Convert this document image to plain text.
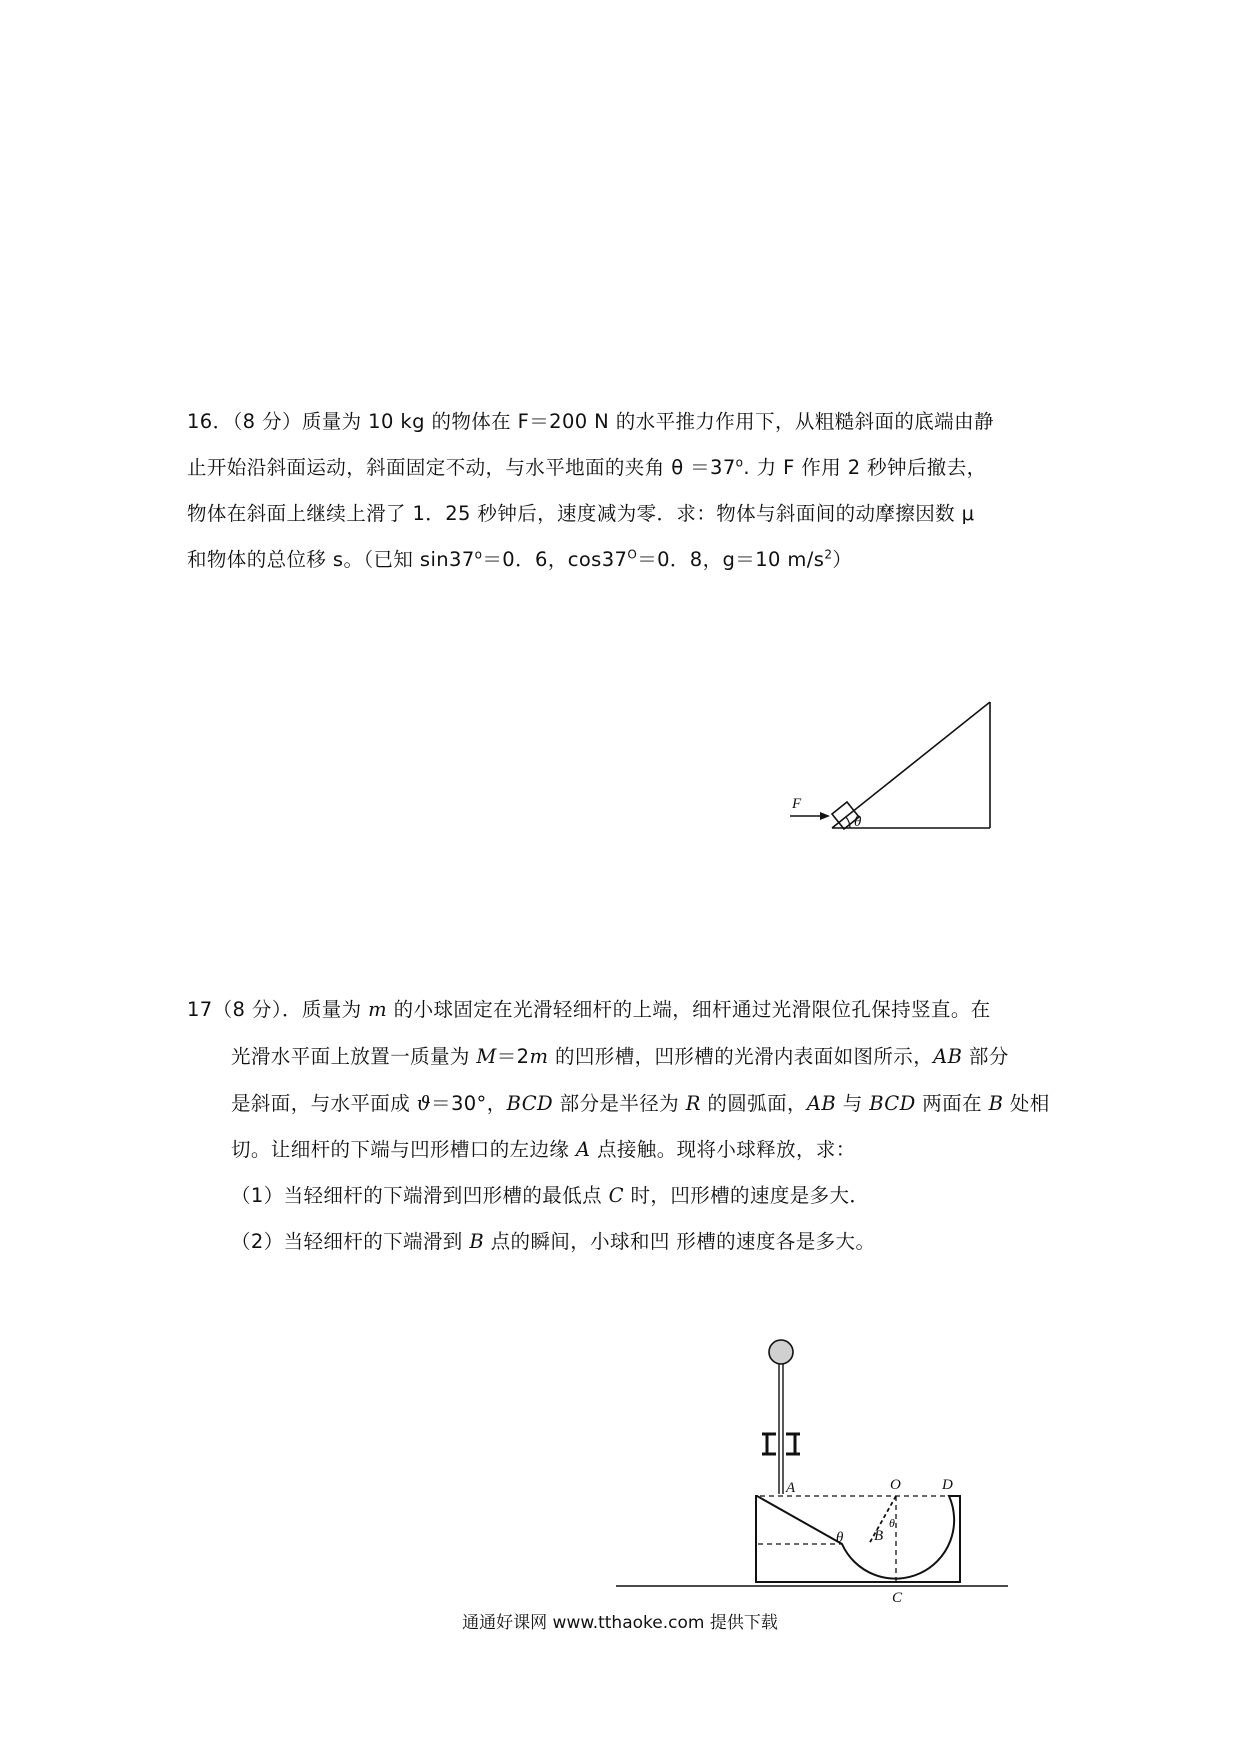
16．（8 分）质量为 10 kg 的物体在 F＝200 N 的水平推力作用下，从粗糙斜面的底端由静
止开始沿斜面运动，斜面固定不动，与水平地面的夹角 $\theta =37^o$. 力 F 作用 2 秒钟后撤去，
物体在斜面上继续上滑了 1．25 秒钟后，速度减为零．求：物体与斜面间的动摩擦因数 μ
和物体的总位移 s。（已知 $\sin 37^o=0$．6，$\cos 37^O=0$．8，g＝10 $m/s^2$）
F
θ
17（8 分）．质量为 m 的小球固定在光滑轻细杆的上端，细杆通过光滑限位孔保持竖直。在
光滑水平面上放置一质量为 M＝2m 的凹形槽，凹形槽的光滑内表面如图所示，AB 部分
是斜面，与水平面成 ϑ＝30°，BCD 部分是半径为 R 的圆弧面，AB 与 BCD 两面在 B 处相
切。让细杆的下端与凹形槽口的左边缘 A 点接触。现将小球释放，求：
（1）当轻细杆的下端滑到凹形槽的最低点 C 时，凹形槽的速度是多大．
（2）当轻细杆的下端滑到 B 点的瞬间，小球和凹 形槽的速度各是多大。
A	O	D
B
C
θ
θ
通通好课网 www.tthaoke.com 提供下载
